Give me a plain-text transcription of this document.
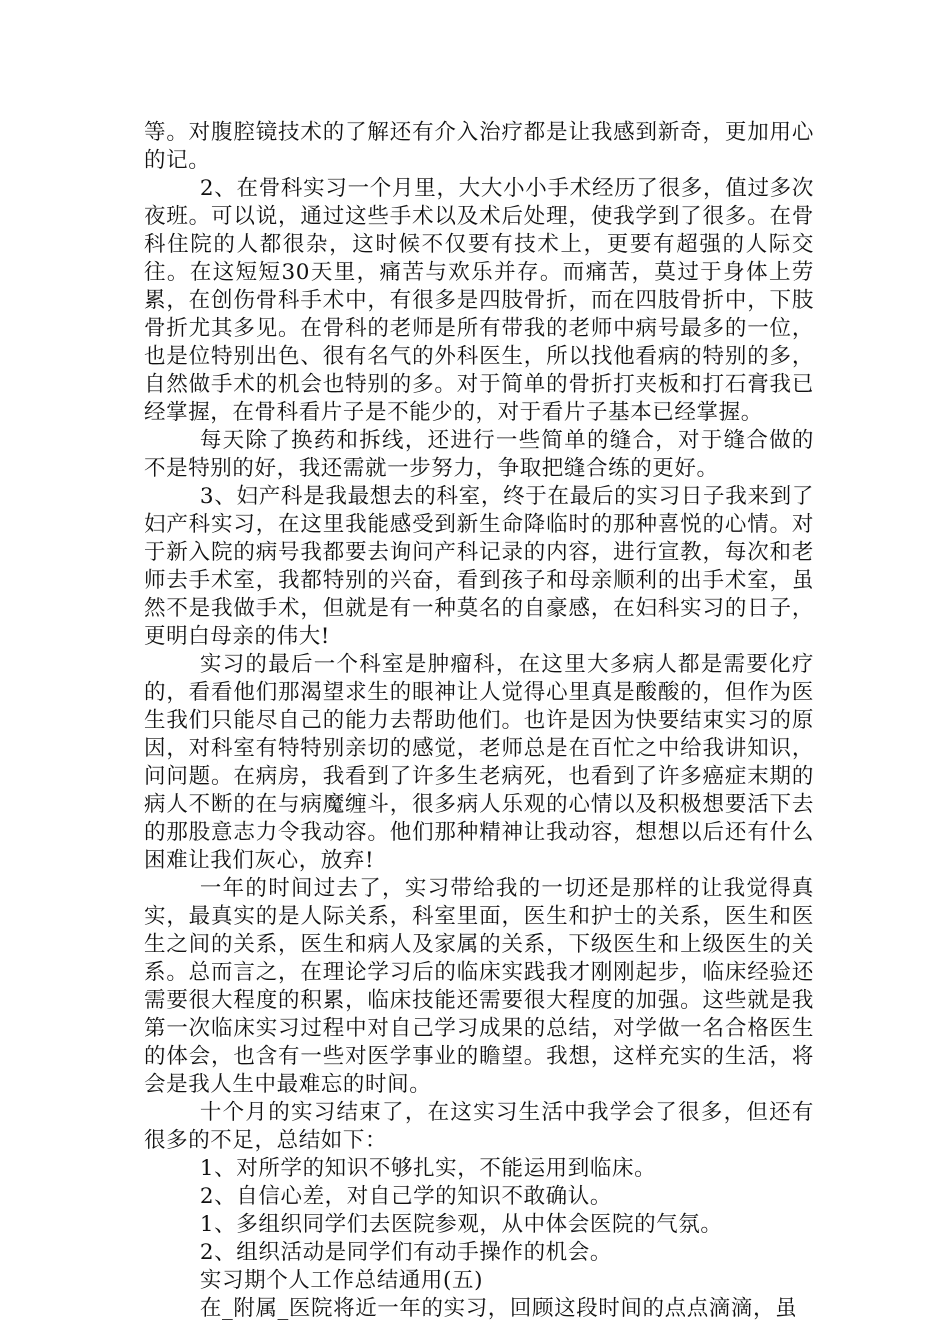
等。对腹腔镜技术的了解还有介入治疗都是让我感到新奇，更加用心的记。

2、在骨科实习一个月里，大大小小手术经历了很多，值过多次夜班。可以说，通过这些手术以及术后处理，使我学到了很多。在骨科住院的人都很杂，这时候不仅要有技术上，更要有超强的人际交往。在这短短30天里，痛苦与欢乐并存。而痛苦，莫过于身体上劳累，在创伤骨科手术中，有很多是四肢骨折，而在四肢骨折中，下肢骨折尤其多见。在骨科的老师是所有带我的老师中病号最多的一位，也是位特别出色、很有名气的外科医生，所以找他看病的特别的多，自然做手术的机会也特别的多。对于简单的骨折打夹板和打石膏我已经掌握，在骨科看片子是不能少的，对于看片子基本已经掌握。

每天除了换药和拆线，还进行一些简单的缝合，对于缝合做的不是特别的好，我还需就一步努力，争取把缝合练的更好。

3、妇产科是我最想去的科室，终于在最后的实习日子我来到了妇产科实习，在这里我能感受到新生命降临时的那种喜悦的心情。对于新入院的病号我都要去询问产科记录的内容，进行宣教，每次和老师去手术室，我都特别的兴奋，看到孩子和母亲顺利的出手术室，虽然不是我做手术，但就是有一种莫名的自豪感，在妇科实习的日子，更明白母亲的伟大!

实习的最后一个科室是肿瘤科，在这里大多病人都是需要化疗的，看看他们那渴望求生的眼神让人觉得心里真是酸酸的，但作为医生我们只能尽自己的能力去帮助他们。也许是因为快要结束实习的原因，对科室有特特别亲切的感觉，老师总是在百忙之中给我讲知识，问问题。在病房，我看到了许多生老病死，也看到了许多癌症末期的病人不断的在与病魔缠斗，很多病人乐观的心情以及积极想要活下去的那股意志力令我动容。他们那种精神让我动容，想想以后还有什么困难让我们灰心，放弃!

一年的时间过去了，实习带给我的一切还是那样的让我觉得真实，最真实的是人际关系，科室里面，医生和护士的关系，医生和医生之间的关系，医生和病人及家属的关系，下级医生和上级医生的关系。总而言之，在理论学习后的临床实践我才刚刚起步，临床经验还需要很大程度的积累，临床技能还需要很大程度的加强。这些就是我第一次临床实习过程中对自己学习成果的总结，对学做一名合格医生的体会，也含有一些对医学事业的瞻望。我想，这样充实的生活，将会是我人生中最难忘的时间。

十个月的实习结束了，在这实习生活中我学会了很多，但还有很多的不足，总结如下：

1、对所学的知识不够扎实，不能运用到临床。

2、自信心差，对自己学的知识不敢确认。

1、多组织同学们去医院参观，从中体会医院的气氛。

2、组织活动是同学们有动手操作的机会。

实习期个人工作总结通用(五)

在_附属_医院将近一年的实习，回顾这段时间的点点滴滴，虽
